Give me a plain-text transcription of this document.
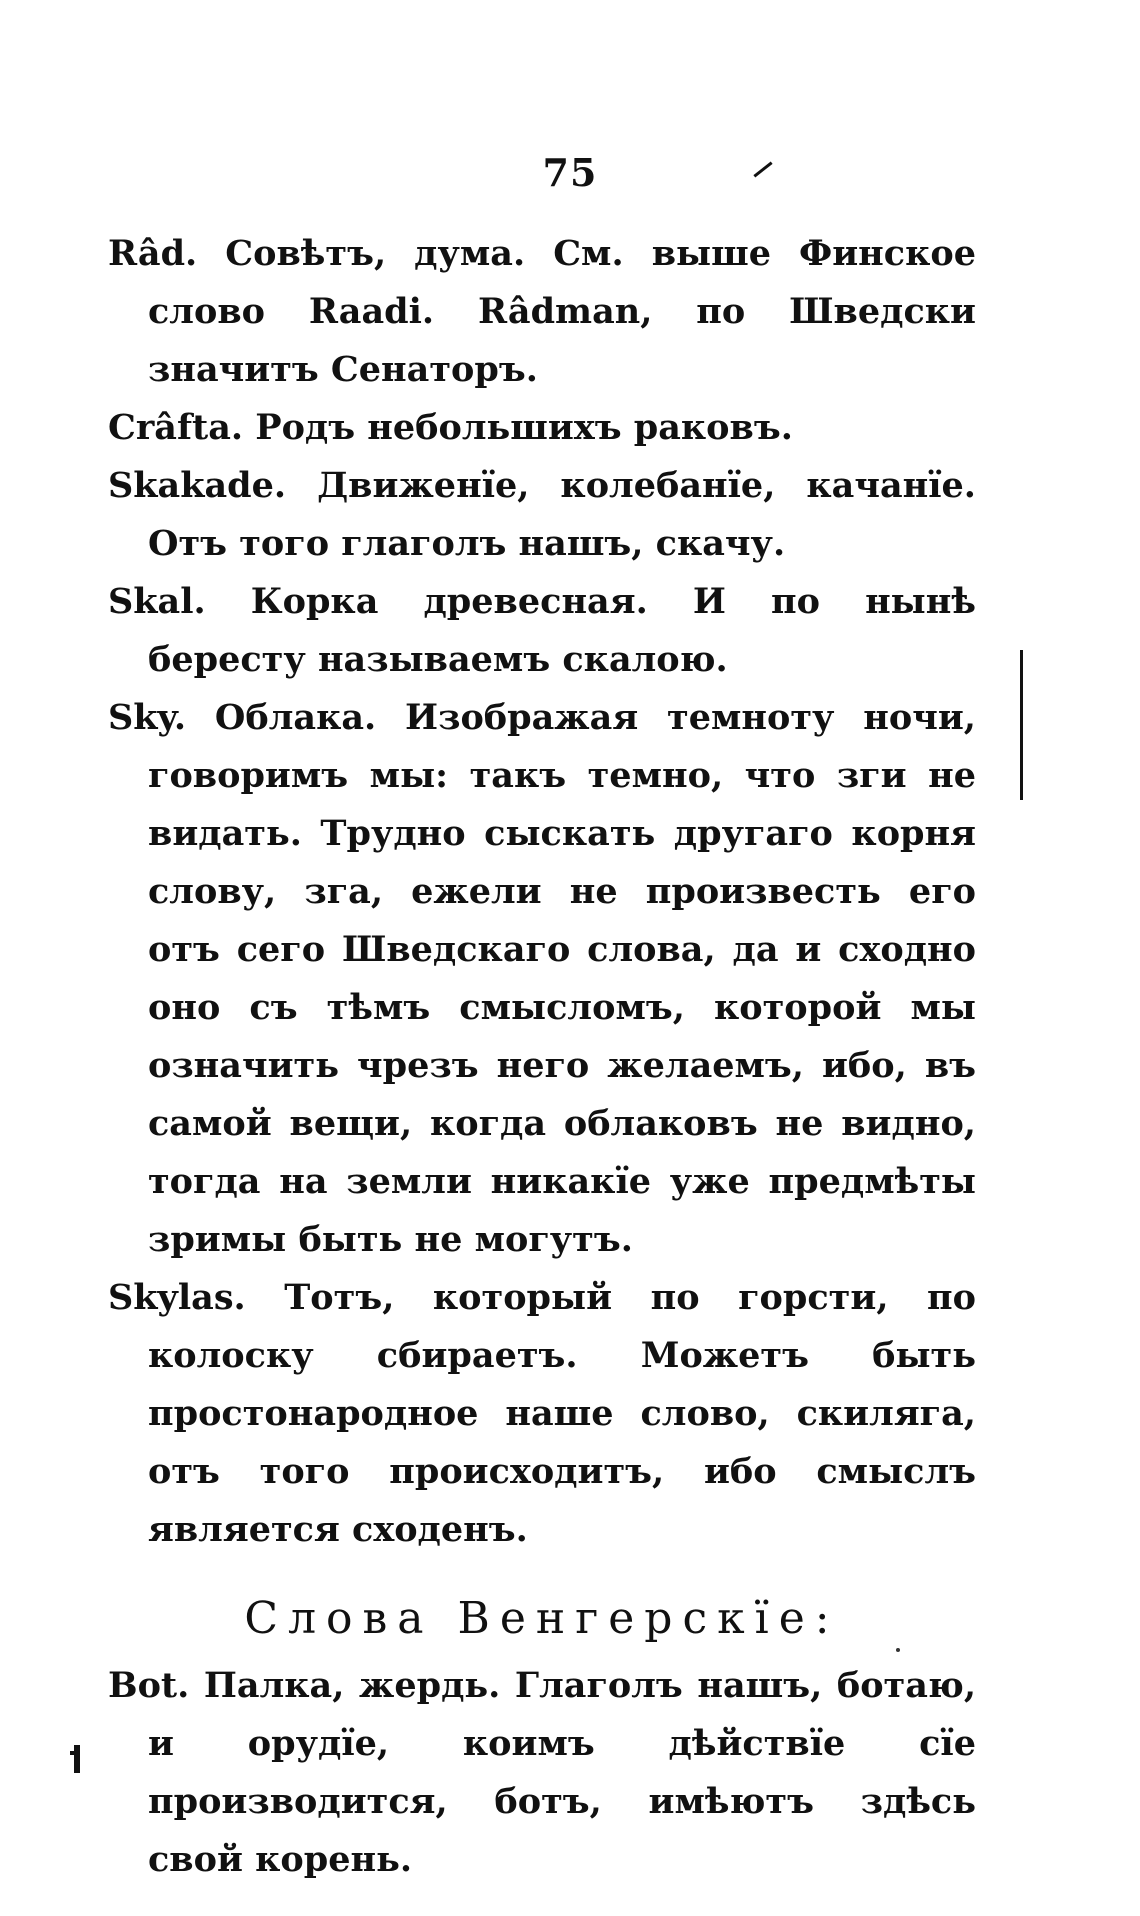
75

Râd. Совѣтъ, дума. См. выше Финское слово Raadi. Râdman, по Шведски значитъ Сенаторъ.

Crâfta. Родъ небольшихъ раковъ.

Skakade. Движенïе, колебанïе, качанïе. Отъ того глаголъ нашъ, скачу.

Skal. Корка древесная. И по нынѣ бересту называемъ скалою.

Sky. Облака. Изображая темноту ночи, говоримъ мы: такъ темно, что зги не видать. Трудно сыскать другаго корня слову, зга, ежели не произвесть его отъ сего Шведскаго слова, да и сходно оно съ тѣмъ смысломъ, которой мы означить чрезъ него желаемъ, ибо, въ самой вещи, когда облаковъ не видно, тогда на земли никакïе уже предмѣты зримы быть не могутъ.

Skylas. Тотъ, который по горсти, по колоску сбираетъ. Можетъ быть простонародное наше слово, скиляга, отъ того происходитъ, ибо смыслъ является сходенъ.

Слова Венгерскïе:

Bot. Палка, жердь. Глаголъ нашъ, ботаю, и орудïе, коимъ дѣйствïе сïе производится, ботъ, имѣютъ здѣсь свой корень.
